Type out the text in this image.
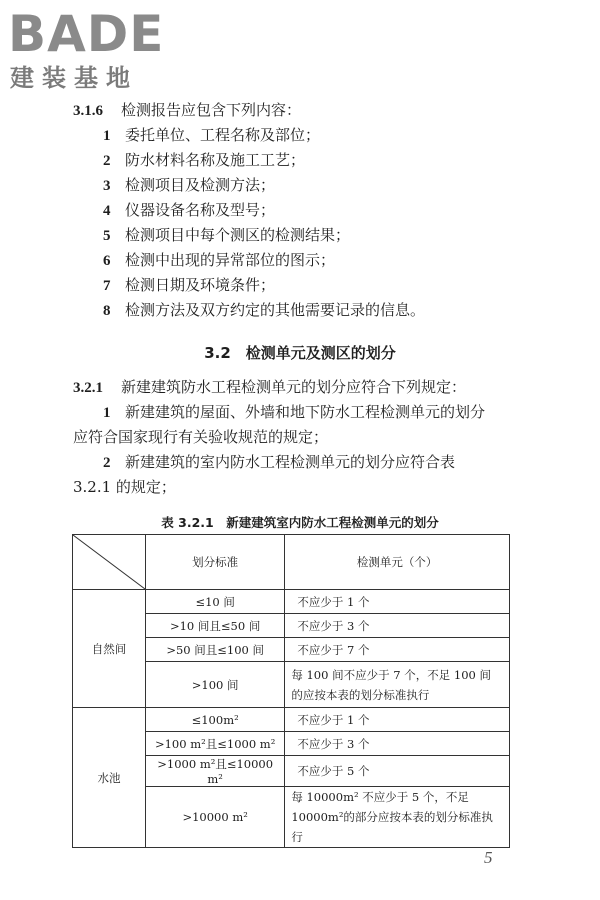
BADE
建装基地
3.1.6 检测报告应包含下列内容：
1 委托单位、工程名称及部位；
2 防水材料名称及施工工艺；
3 检测项目及检测方法；
4 仪器设备名称及型号；
5 检测项目中每个测区的检测结果；
6 检测中出现的异常部位的图示；
7 检测日期及环境条件；
8 检测方法及双方约定的其他需要记录的信息。
3.2　检测单元及测区的划分
3.2.1 新建建筑防水工程检测单元的划分应符合下列规定：
1 新建建筑的屋面、外墙和地下防水工程检测单元的划分
应符合国家现行有关验收规范的规定；
2 新建建筑的室内防水工程检测单元的划分应符合表
3.2.1 的规定；
表 3.2.1　新建建筑室内防水工程检测单元的划分
	划分标准	检测单元（个）
自然间	≤10 间	不应少于 1 个
	>10 间且≤50 间	不应少于 3 个
	>50 间且≤100 间	不应少于 7 个
	>100 间	每 100 间不应少于 7 个，不足 100 间
的应按本表的划分标准执行

水池	≤100m²	不应少于 1 个
	>100 m²且≤1000 m²	不应少于 3 个
	>1000 m²且≤10000 m²	不应少于 5 个
	>10000 m²	每 10000m² 不应少于 5 个，不足
10000m²的部分应按本表的划分标准执行
5
